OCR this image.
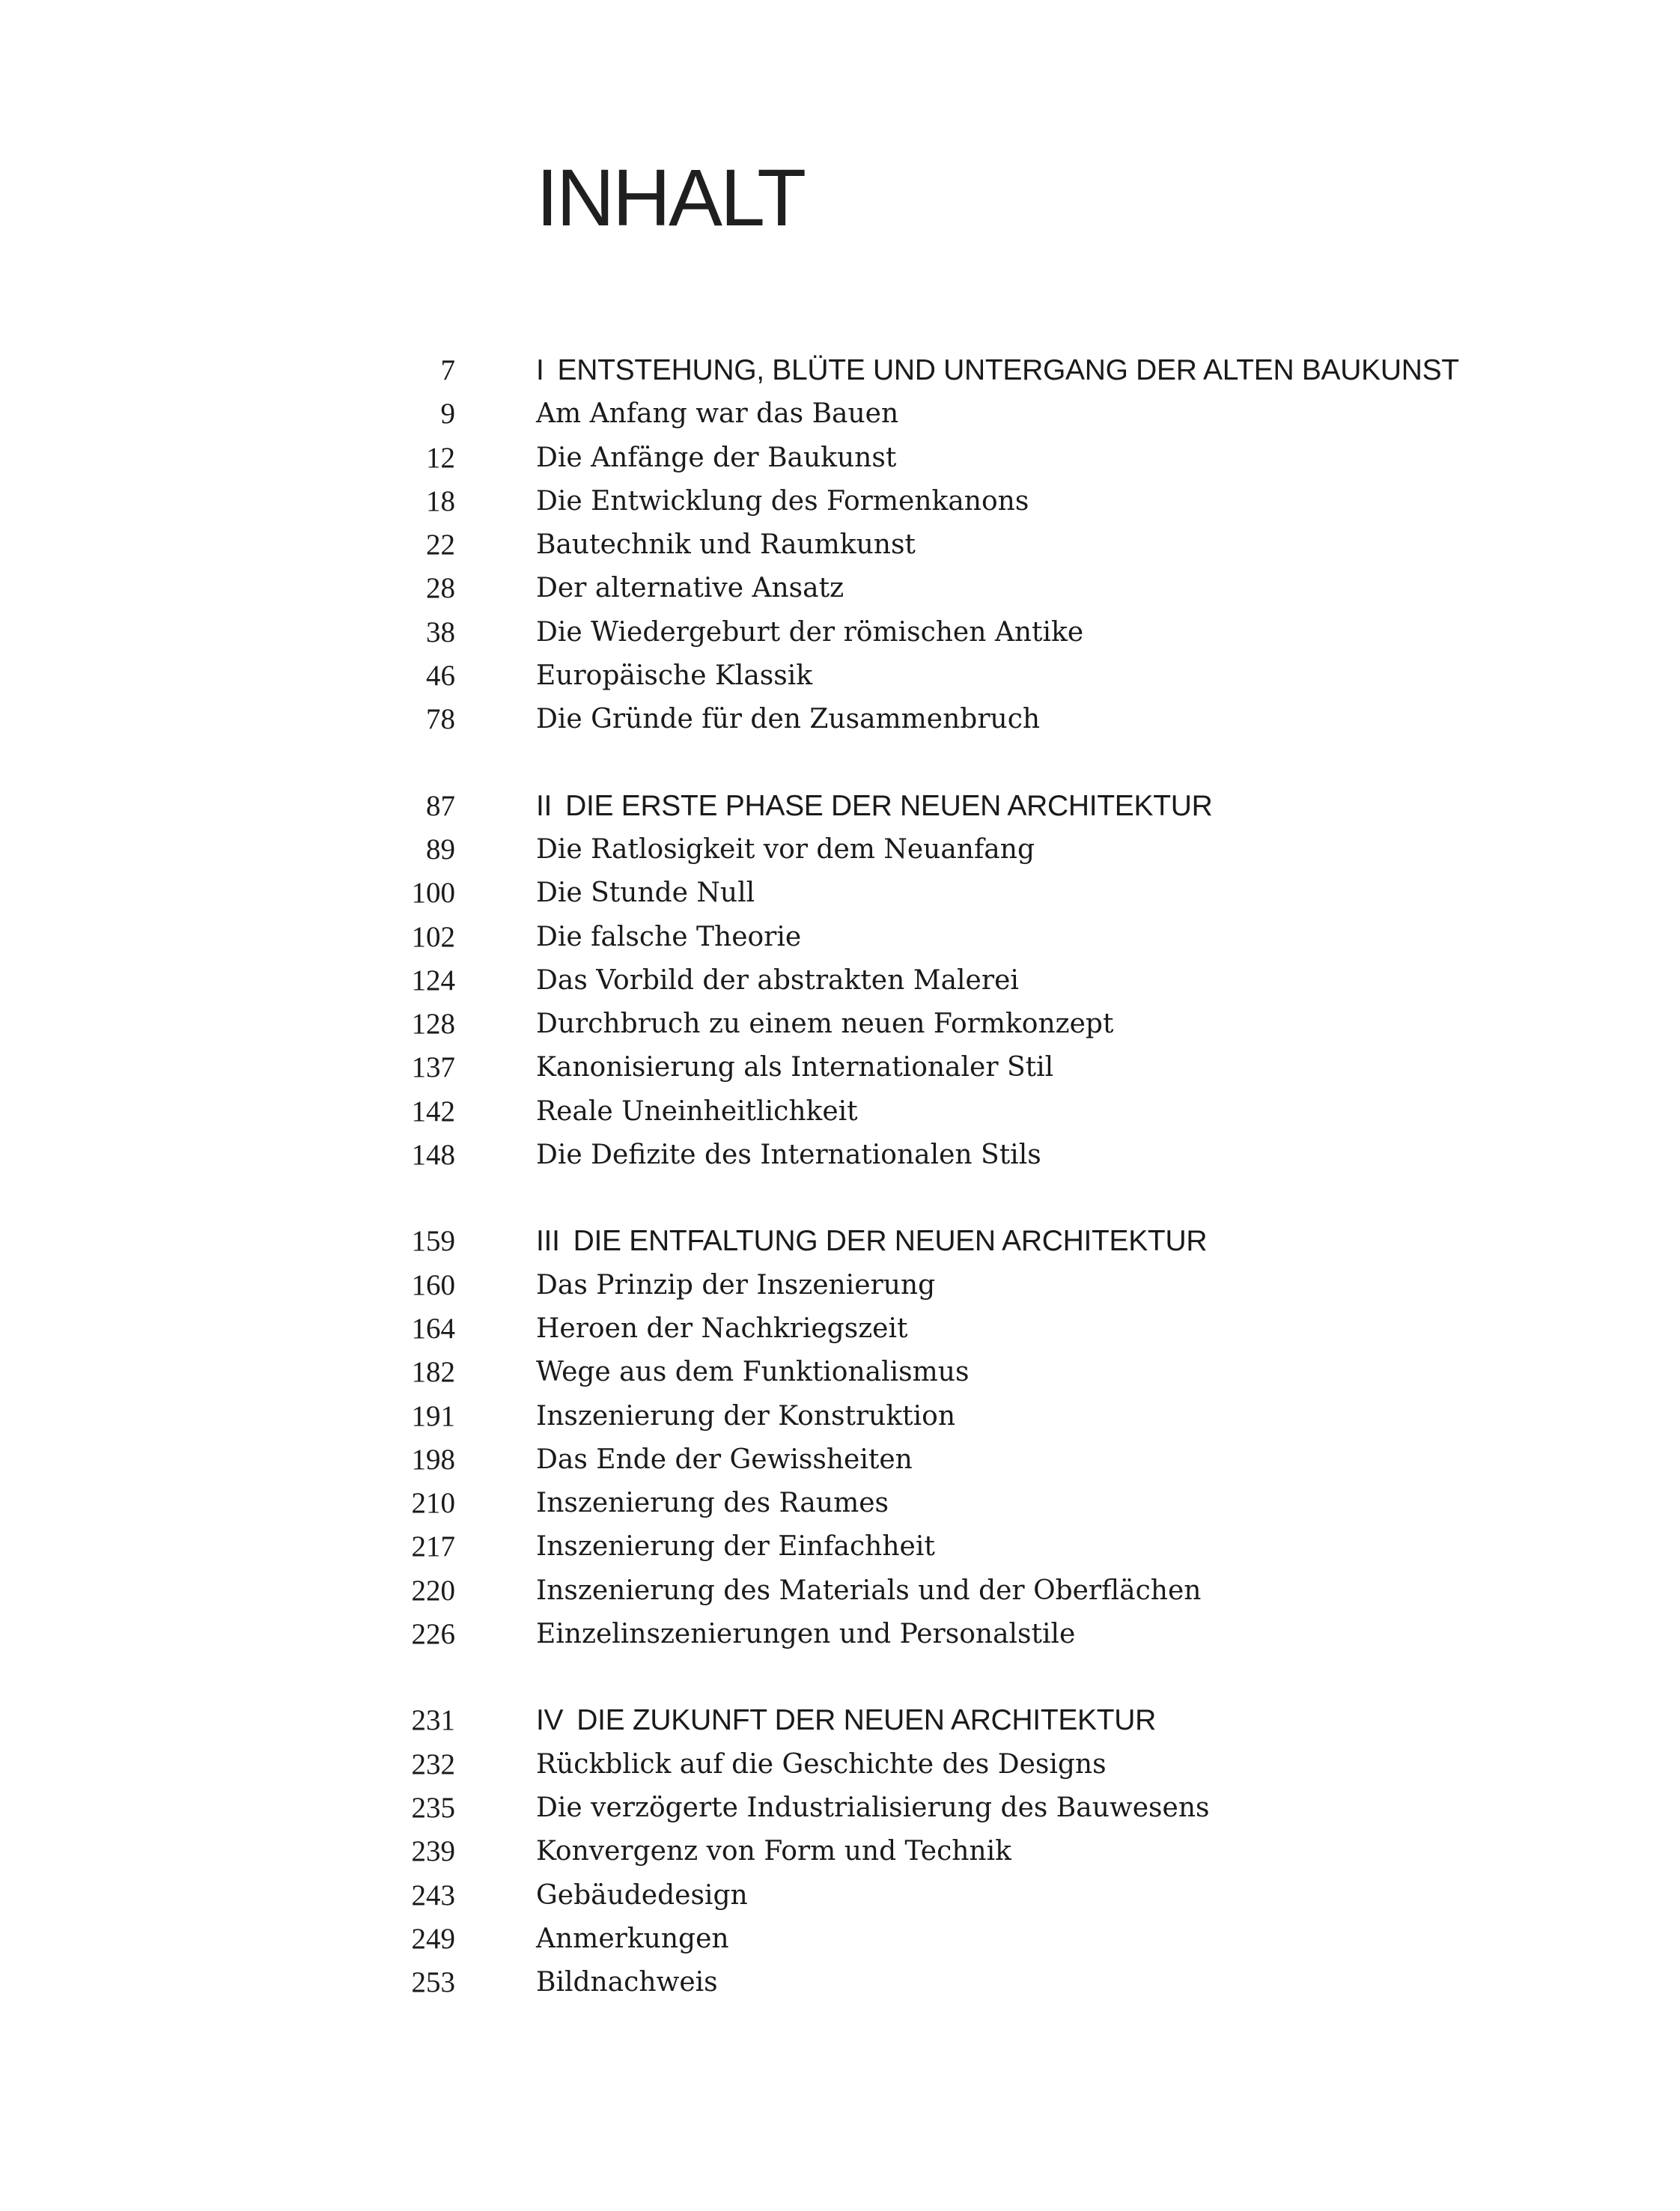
INHALT
7	I ENTSTEHUNG, BLÜTE UND UNTERGANG DER ALTEN BAUKUNST
9	Am Anfang war das Bauen
12	Die Anfänge der Baukunst
18	Die Entwicklung des Formenkanons
22	Bautechnik und Raumkunst
28	Der alternative Ansatz
38	Die Wiedergeburt der römischen Antike
46	Europäische Klassik
78	Die Gründe für den Zusammenbruch
87	II DIE ERSTE PHASE DER NEUEN ARCHITEKTUR
89	Die Ratlosigkeit vor dem Neuanfang
100	Die Stunde Null
102	Die falsche Theorie
124	Das Vorbild der abstrakten Malerei
128	Durchbruch zu einem neuen Formkonzept
137	Kanonisierung als Internationaler Stil
142	Reale Uneinheitlichkeit
148	Die Defizite des Internationalen Stils
159	III DIE ENTFALTUNG DER NEUEN ARCHITEKTUR
160	Das Prinzip der Inszenierung
164	Heroen der Nachkriegszeit
182	Wege aus dem Funktionalismus
191	Inszenierung der Konstruktion
198	Das Ende der Gewissheiten
210	Inszenierung des Raumes
217	Inszenierung der Einfachheit
220	Inszenierung des Materials und der Oberflächen
226	Einzelinszenierungen und Personalstile
231	IV DIE ZUKUNFT DER NEUEN ARCHITEKTUR
232	Rückblick auf die Geschichte des Designs
235	Die verzögerte Industrialisierung des Bauwesens
239	Konvergenz von Form und Technik
243	Gebäudedesign
249	Anmerkungen
253	Bildnachweis
